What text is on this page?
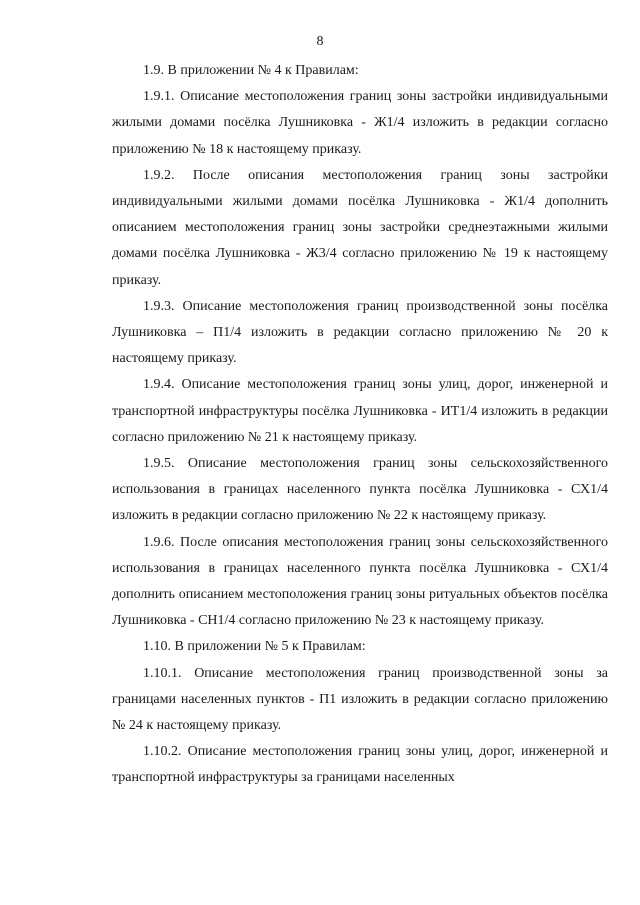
8

1.9. В приложении № 4 к Правилам:

1.9.1. Описание местоположения границ зоны застройки индивидуальными жилыми домами посёлка Лушниковка - Ж1/4 изложить в редакции согласно приложению № 18 к настоящему приказу.

1.9.2. После описания местоположения границ зоны застройки индивидуальными жилыми домами посёлка Лушниковка - Ж1/4 дополнить описанием местоположения границ зоны застройки среднеэтажными жилыми домами посёлка Лушниковка - Ж3/4 согласно приложению № 19 к настоящему приказу.

1.9.3. Описание местоположения границ производственной зоны посёлка Лушниковка – П1/4 изложить в редакции согласно приложению № 20 к настоящему приказу.

1.9.4. Описание местоположения границ зоны улиц, дорог, инженерной и транспортной инфраструктуры посёлка Лушниковка - ИТ1/4 изложить в редакции согласно приложению № 21 к настоящему приказу.

1.9.5. Описание местоположения границ зоны сельскохозяйственного использования в границах населенного пункта посёлка Лушниковка - СХ1/4 изложить в редакции согласно приложению № 22 к настоящему приказу.

1.9.6. После описания местоположения границ зоны сельскохозяйственного использования в границах населенного пункта посёлка Лушниковка - СХ1/4 дополнить описанием местоположения границ зоны ритуальных объектов посёлка Лушниковка - СН1/4 согласно приложению № 23 к настоящему приказу.

1.10. В приложении № 5 к Правилам:

1.10.1. Описание местоположения границ производственной зоны за границами населенных пунктов - П1 изложить в редакции согласно приложению № 24 к настоящему приказу.

1.10.2. Описание местоположения границ зоны улиц, дорог, инженерной и транспортной инфраструктуры за границами населенных
